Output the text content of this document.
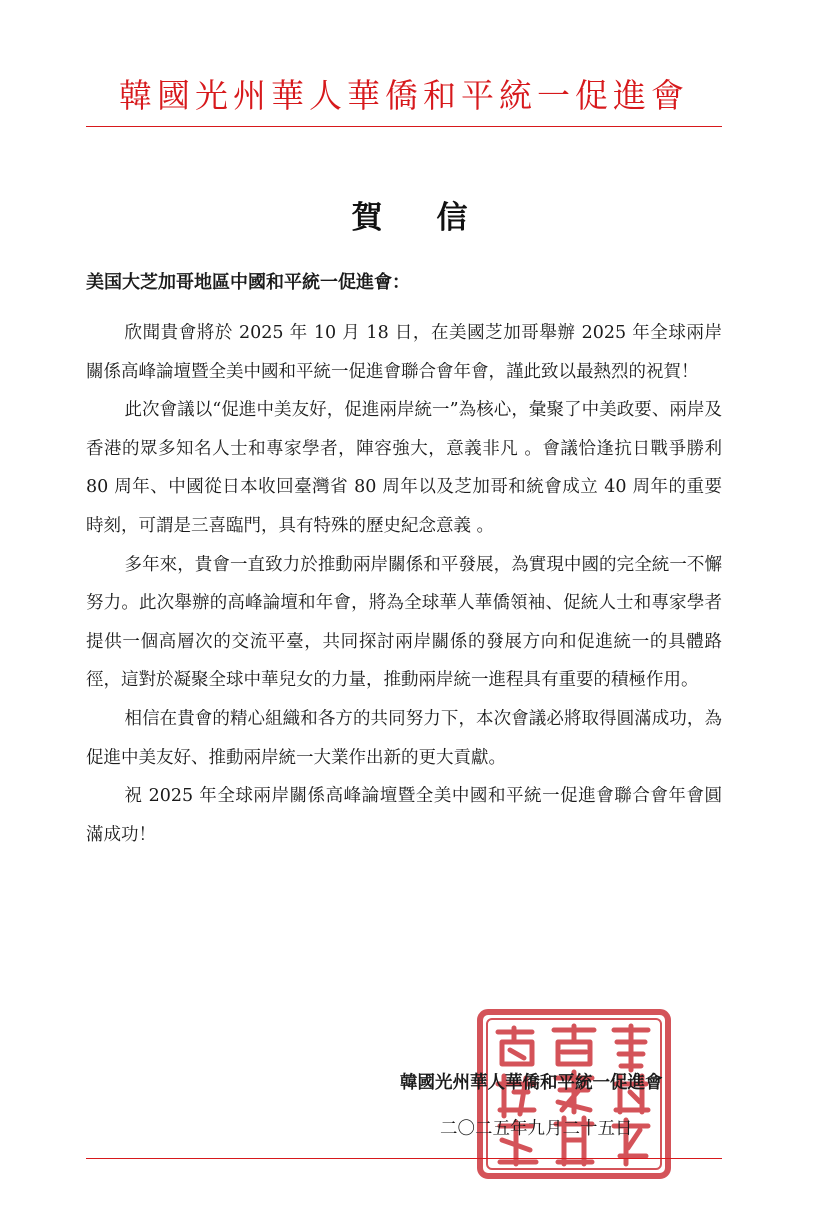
韓國光州華人華僑和平統一促進會
賀信
美国大芝加哥地區中國和平統一促進會：

欣聞貴會將於 2025 年 10 月 18 日，在美國芝加哥舉辦 2025 年全球兩岸關係高峰論壇暨全美中國和平統一促進會聯合會年會，謹此致以最熱烈的祝賀！

此次會議以“促進中美友好，促進兩岸統一”為核心，彙聚了中美政要、兩岸及香港的眾多知名人士和專家學者，陣容強大，意義非凡 。會議恰逢抗日戰爭勝利 80 周年、中國從日本收回臺灣省 80 周年以及芝加哥和統會成立 40 周年的重要時刻，可謂是三喜臨門，具有特殊的歷史紀念意義 。

多年來，貴會一直致力於推動兩岸關係和平發展，為實現中國的完全統一不懈努力。此次舉辦的高峰論壇和年會，將為全球華人華僑領袖、促統人士和專家學者提供一個高層次的交流平臺，共同探討兩岸關係的發展方向和促進統一的具體路徑，這對於凝聚全球中華兒女的力量，推動兩岸統一進程具有重要的積極作用。

相信在貴會的精心組織和各方的共同努力下，本次會議必將取得圓滿成功，為促進中美友好、推動兩岸統一大業作出新的更大貢獻。

祝 2025 年全球兩岸關係高峰論壇暨全美中國和平統一促進會聯合會年會圓滿成功！

韓國光州華人華僑和平統一促進會
二〇二五年九月二十五日
